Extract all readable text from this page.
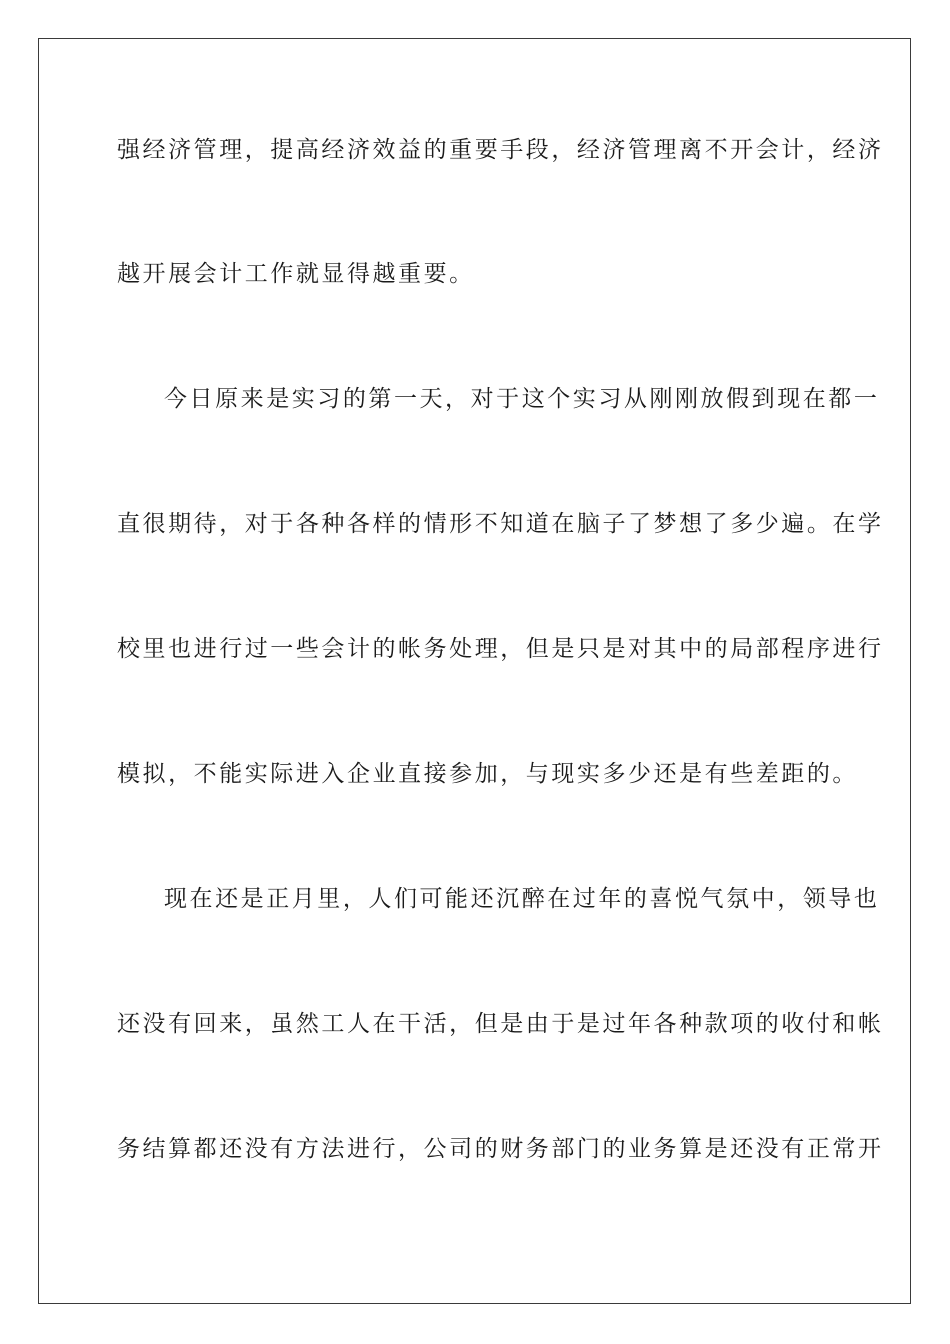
强经济管理，提高经济效益的重要手段，经济管理离不开会计，经济
越开展会计工作就显得越重要。
今日原来是实习的第一天，对于这个实习从刚刚放假到现在都一
直很期待，对于各种各样的情形不知道在脑子了梦想了多少遍。在学
校里也进行过一些会计的帐务处理，但是只是对其中的局部程序进行
模拟，不能实际进入企业直接参加，与现实多少还是有些差距的。
现在还是正月里，人们可能还沉醉在过年的喜悦气氛中，领导也
还没有回来，虽然工人在干活，但是由于是过年各种款项的收付和帐
务结算都还没有方法进行，公司的财务部门的业务算是还没有正常开
